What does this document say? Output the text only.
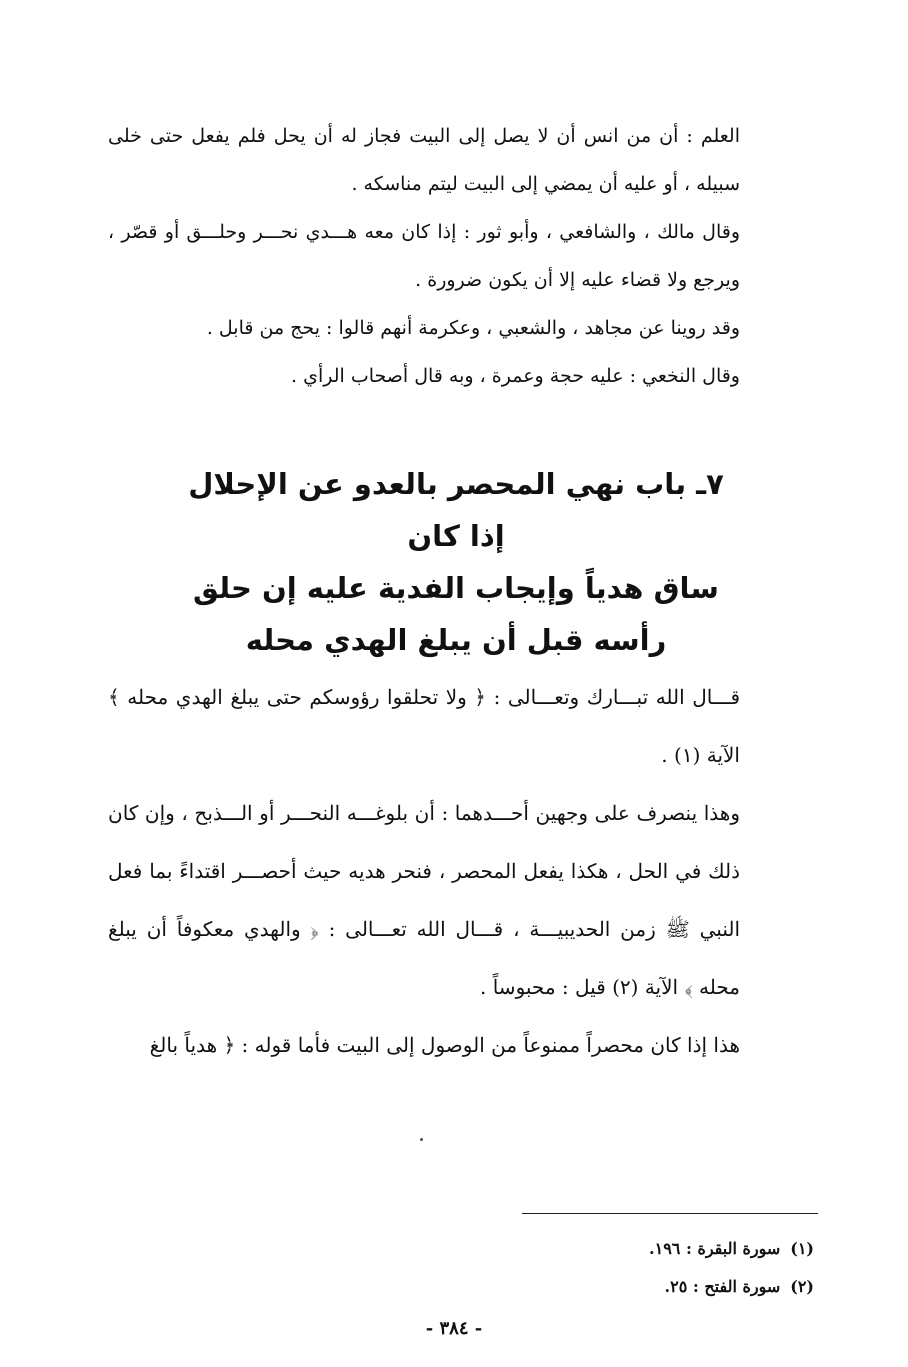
العلم : أن من انس أن لا يصل إلى البيت فجاز له أن يحل فلم يفعل حتى خلى سبيله ، أو عليه أن يمضي إلى البيت ليتم مناسكه .

وقال مالك ، والشافعي ، وأبو ثور : إذا كان معه هـــدي نحـــر وحلـــق أو قصّر ، ويرجع ولا قضاء عليه إلا أن يكون ضرورة .

وقد روينا عن مجاهد ، والشعبي ، وعكرمة أنهم قالوا : يحج من قابل .

وقال النخعي : عليه حجة وعمرة ، وبه قال أصحاب الرأي .

٧ـ باب نهي المحصر بالعدو عن الإحلال إذا كان

ساق هدياً وإيجاب الفدية عليه إن حلق

رأسه قبل أن يبلغ الهدي محله

قـــال الله تبـــارك وتعـــالى : ﴿ ولا تحلقوا رؤوسكم حتى يبلغ الهدي محله ﴾ الآية (١) .

وهذا ينصرف على وجهين أحـــدهما : أن بلوغـــه النحـــر أو الـــذبح ، وإن كان ذلك في الحل ، هكذا يفعل المحصر ، فنحر هديه حيث أحصـــر اقتداءً بما فعل النبي ﷺ زمن الحديبيـــة ، قـــال الله تعـــالى : ﴿ والهدي معكوفاً أن يبلغ محله ﴾ الآية (٢) قيل : محبوساً .

هذا إذا كان محصراً ممنوعاً من الوصول إلى البيت فأما قوله : ﴿ هدياً بالغ

(١)سورة البقرة : ١٩٦.

(٢)سورة الفتح : ٢٥.

- ٣٨٤ -
